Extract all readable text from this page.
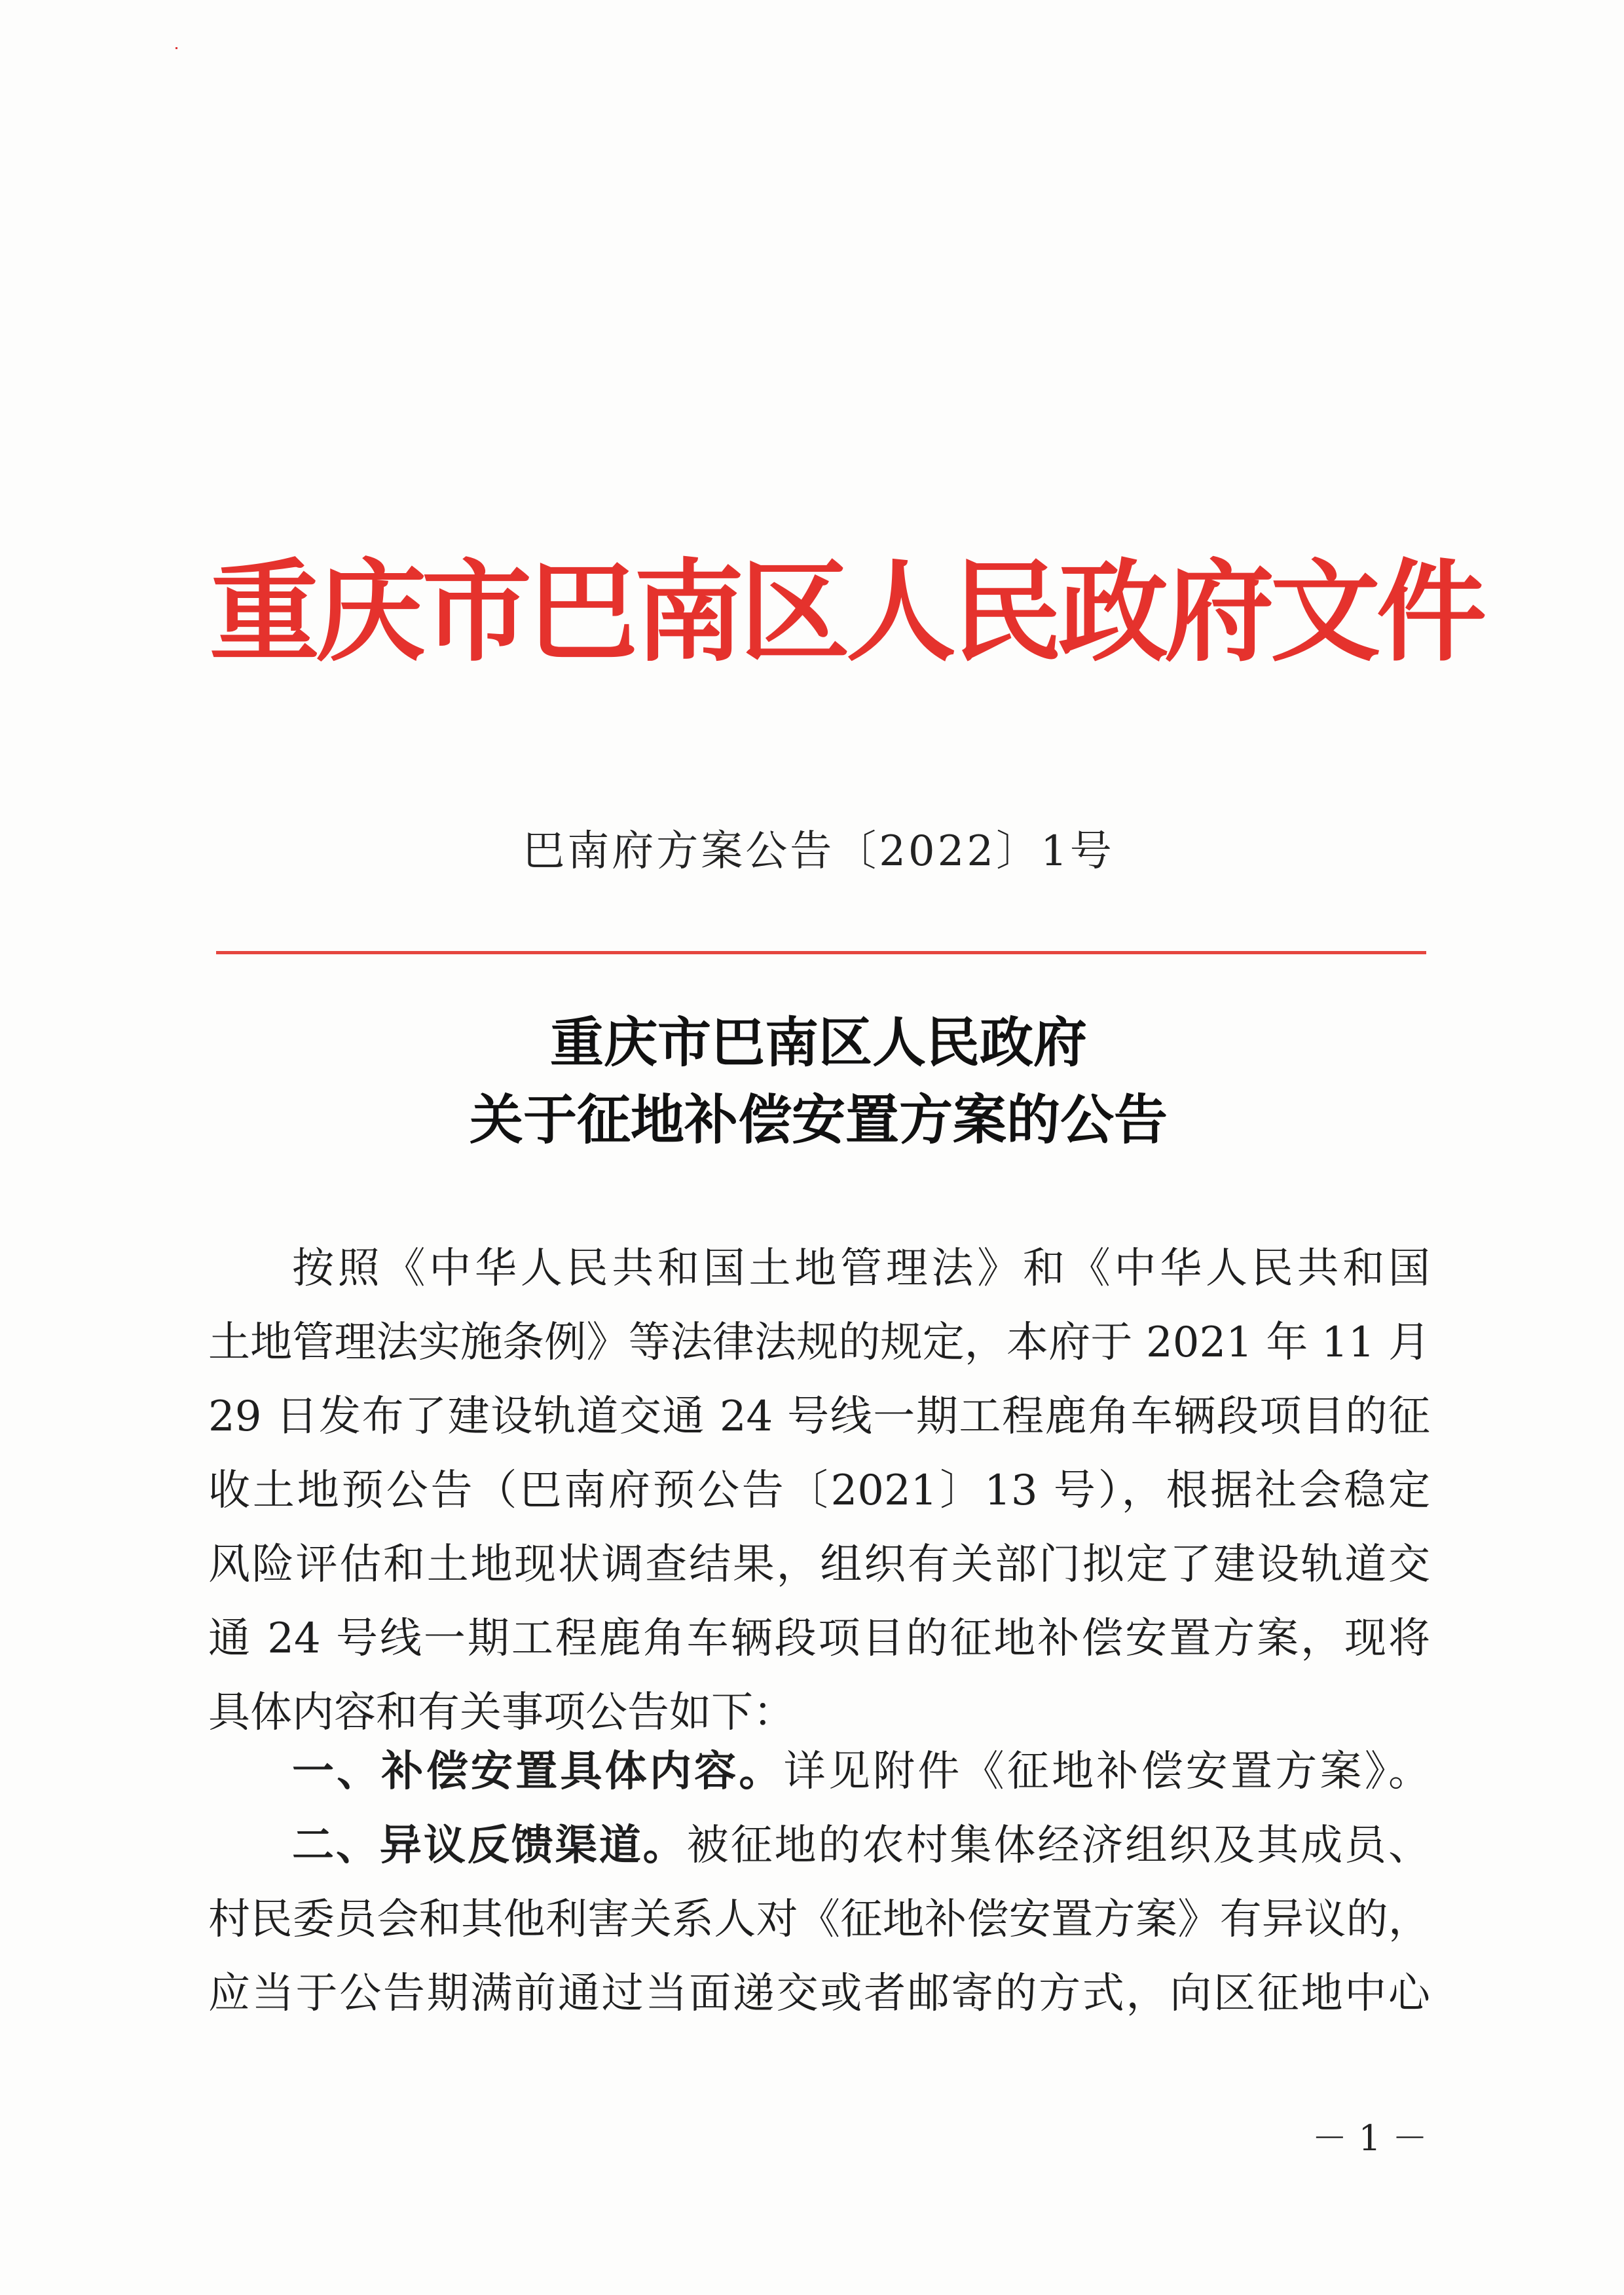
重庆市巴南区人民政府文件
巴南府方案公告〔2022〕1号
重庆市巴南区人民政府
关于征地补偿安置方案的公告
按照《中华人民共和国土地管理法》和《中华人民共和国
土地管理法实施条例》等法律法规的规定，本府于 2021 年 11 月
29 日发布了建设轨道交通 24 号线一期工程鹿角车辆段项目的征
收土地预公告（巴南府预公告〔2021〕13 号），根据社会稳定
风险评估和土地现状调查结果，组织有关部门拟定了建设轨道交
通 24 号线一期工程鹿角车辆段项目的征地补偿安置方案，现将
具体内容和有关事项公告如下：
一、补偿安置具体内容。详见附件《征地补偿安置方案》。
二、异议反馈渠道。被征地的农村集体经济组织及其成员、
村民委员会和其他利害关系人对《征地补偿安置方案》有异议的，
应当于公告期满前通过当面递交或者邮寄的方式，向区征地中心
－ 1 －
